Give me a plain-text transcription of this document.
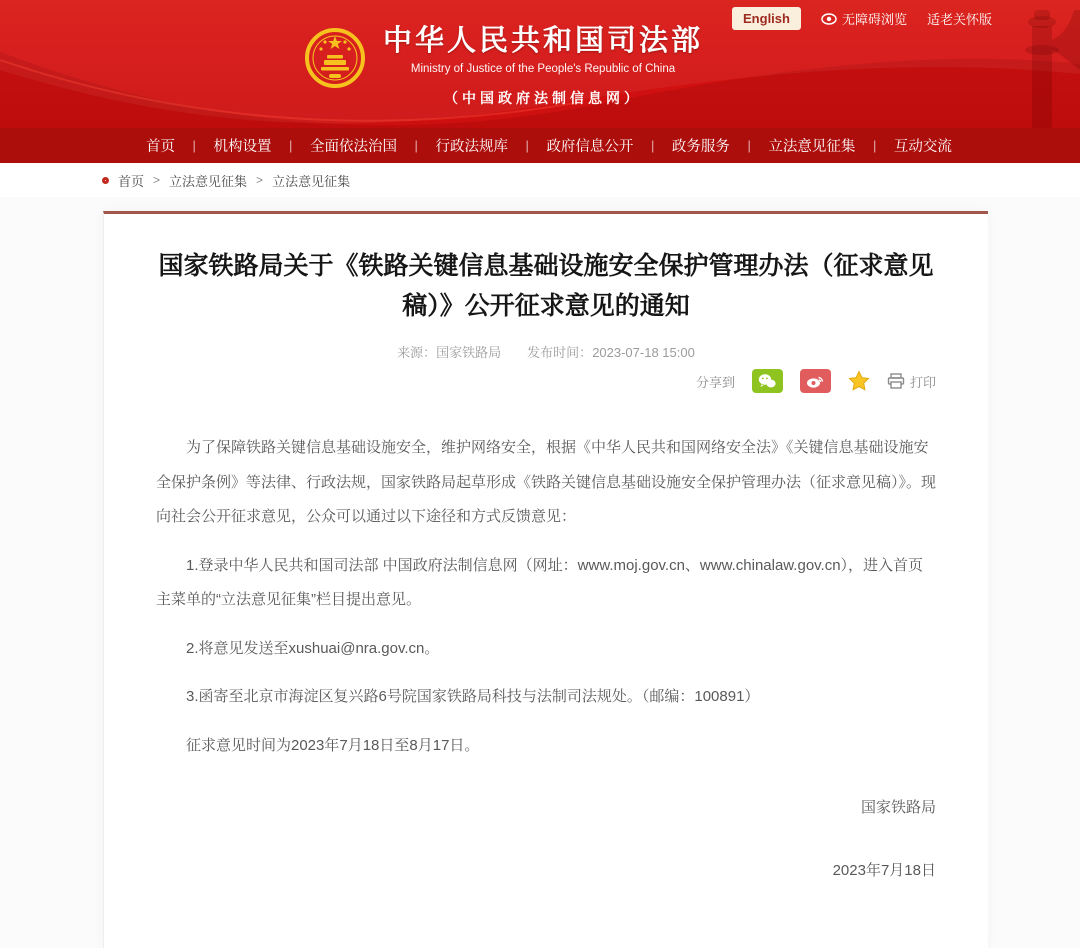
English	无障碍浏览 适老关怀版
中华人民共和国司法部
Ministry of Justice of the People's Republic of China
（中国政府法制信息网）
首页 | 机构设置 | 全面依法治国 | 行政法规库 | 政府信息公开 | 政务服务 | 立法意见征集 | 互动交流
首页 > 立法意见征集 > 立法意见征集
国家铁路局关于《铁路关键信息基础设施安全保护管理办法（征求意见稿）》公开征求意见的通知
来源：国家铁路局 发布时间：2023-07-18 15:00
分享到	打印

为了保障铁路关键信息基础设施安全，维护网络安全，根据《中华人民共和国网络安全法》《关键信息基础设施安全保护条例》等法律、行政法规，国家铁路局起草形成《铁路关键信息基础设施安全保护管理办法（征求意见稿）》。现向社会公开征求意见，公众可以通过以下途径和方式反馈意见：

1.登录中华人民共和国司法部 中国政府法制信息网（网址：www.moj.gov.cn、www.chinalaw.gov.cn），进入首页主菜单的“立法意见征集”栏目提出意见。

2.将意见发送至xushuai@nra.gov.cn。

3.函寄至北京市海淀区复兴路6号院国家铁路局科技与法制司法规处。（邮编：100891）

征求意见时间为2023年7月18日至8月17日。

国家铁路局

2023年7月18日
